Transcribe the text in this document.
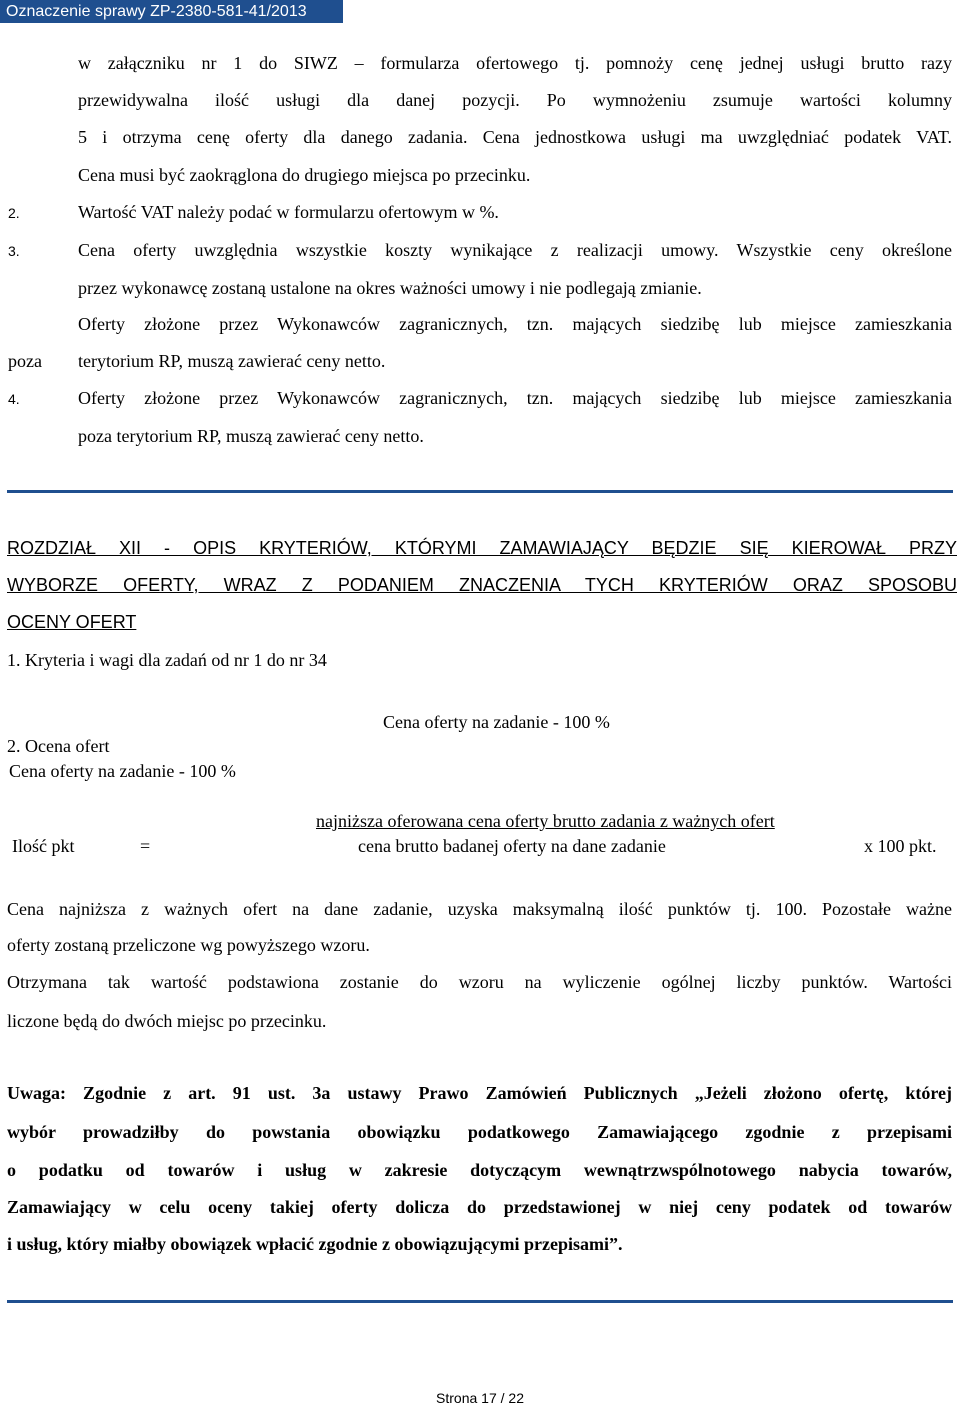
Oznaczenie sprawy ZP-2380-581-41/2013
w załączniku nr 1 do SIWZ – formularza ofertowego tj. pomnoży cenę jednej usługi brutto razy
przewidywalna ilość usługi dla danej pozycji. Po wymnożeniu zsumuje wartości kolumny
5 i otrzyma cenę oferty dla danego zadania. Cena jednostkowa usługi ma uwzględniać podatek VAT.
Cena musi być zaokrąglona do drugiego miejsca po przecinku.
2.	Wartość VAT należy podać w formularzu ofertowym w %.
3.	Cena oferty uwzględnia wszystkie koszty wynikające z realizacji umowy. Wszystkie ceny określone
przez wykonawcę zostaną ustalone na okres ważności umowy i nie podlegają zmianie.
Oferty złożone przez Wykonawców zagranicznych, tzn. mających siedzibę lub miejsce zamieszkania
poza terytorium RP, muszą zawierać ceny netto.
4.	Oferty złożone przez Wykonawców zagranicznych, tzn. mających siedzibę lub miejsce zamieszkania
poza terytorium RP, muszą zawierać ceny netto.
ROZDZIAŁ XII - OPIS KRYTERIÓW, KTÓRYMI ZAMAWIAJĄCY BĘDZIE SIĘ KIEROWAŁ PRZY
WYBORZE OFERTY, WRAZ Z PODANIEM ZNACZENIA TYCH KRYTERIÓW ORAZ SPOSOBU
OCENY OFERT
1. Kryteria i wagi dla zadań od nr 1 do nr 34
Cena oferty na zadanie - 100 %
2. Ocena ofert
Cena oferty na zadanie - 100 %
najniższa oferowana cena oferty brutto zadania z ważnych ofert
Ilość pkt	=	cena brutto badanej oferty na dane zadanie	x 100 pkt.
Cena najniższa z ważnych ofert na dane zadanie, uzyska maksymalną ilość punktów tj. 100. Pozostałe ważne
oferty zostaną przeliczone wg powyższego wzoru.
Otrzymana tak wartość podstawiona zostanie do wzoru na wyliczenie ogólnej liczby punktów. Wartości
liczone będą do dwóch miejsc po przecinku.
Uwaga: Zgodnie z art. 91 ust. 3a ustawy Prawo Zamówień Publicznych „Jeżeli złożono ofertę, której
wybór prowadziłby do powstania obowiązku podatkowego Zamawiającego zgodnie z przepisami
o podatku od towarów i usług w zakresie dotyczącym wewnątrzwspólnotowego nabycia towarów,
Zamawiający w celu oceny takiej oferty dolicza do przedstawionej w niej ceny podatek od towarów
i usług, który miałby obowiązek wpłacić zgodnie z obowiązującymi przepisami”.
Strona 17 / 22
